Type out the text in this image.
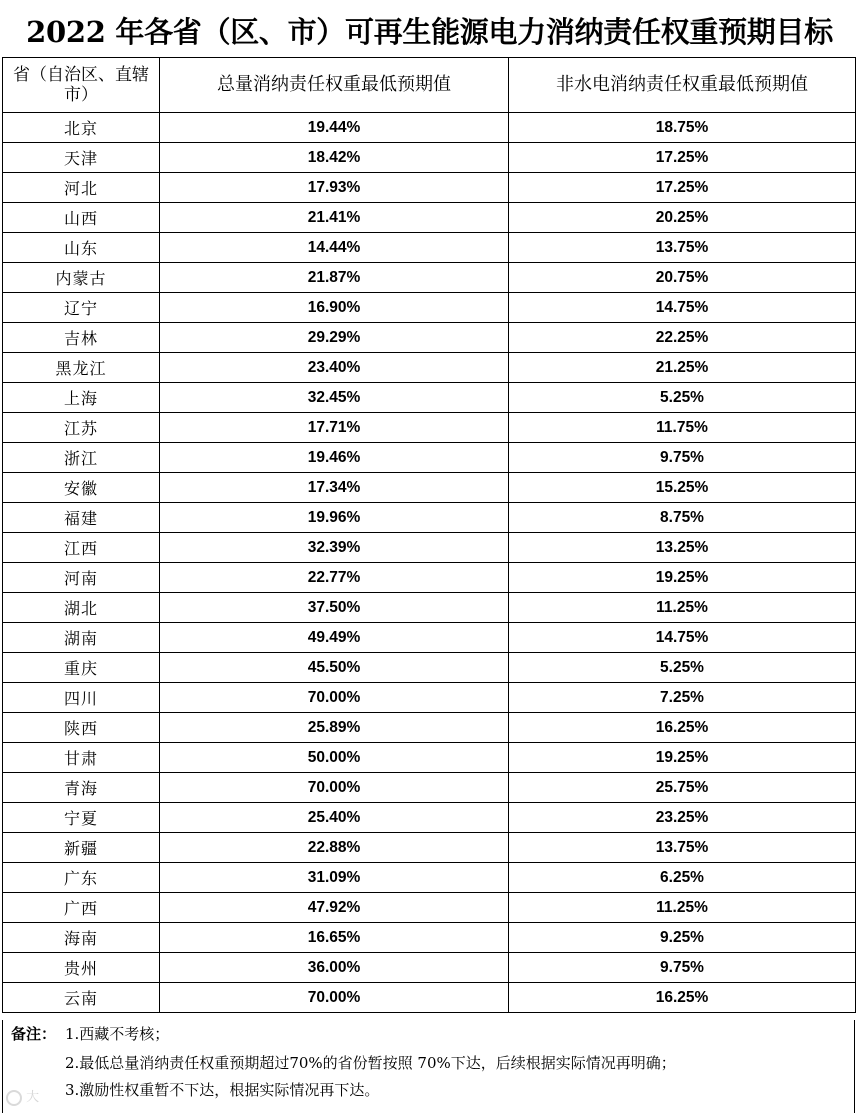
2022 年各省（区、市）可再生能源电力消纳责任权重预期目标
省（自治区、直辖市）	总量消纳责任权重最低预期值	非水电消纳责任权重最低预期值
北京	19.44%	18.75%
天津	18.42%	17.25%
河北	17.93%	17.25%
山西	21.41%	20.25%
山东	14.44%	13.75%
内蒙古	21.87%	20.75%
辽宁	16.90%	14.75%
吉林	29.29%	22.25%
黑龙江	23.40%	21.25%
上海	32.45%	5.25%
江苏	17.71%	11.75%
浙江	19.46%	9.75%
安徽	17.34%	15.25%
福建	19.96%	8.75%
江西	32.39%	13.25%
河南	22.77%	19.25%
湖北	37.50%	11.25%
湖南	49.49%	14.75%
重庆	45.50%	5.25%
四川	70.00%	7.25%
陕西	25.89%	16.25%
甘肃	50.00%	19.25%
青海	70.00%	25.75%
宁夏	25.40%	23.25%
新疆	22.88%	13.75%
广东	31.09%	6.25%
广西	47.92%	11.25%
海南	16.65%	9.25%
贵州	36.00%	9.75%
云南	70.00%	16.25%
备注： 1.西藏不考核；
2.最低总量消纳责任权重预期超过70%的省份暂按照 70%下达，后续根据实际情况再明确；
3.激励性权重暂不下达，根据实际情况再下达。
大
